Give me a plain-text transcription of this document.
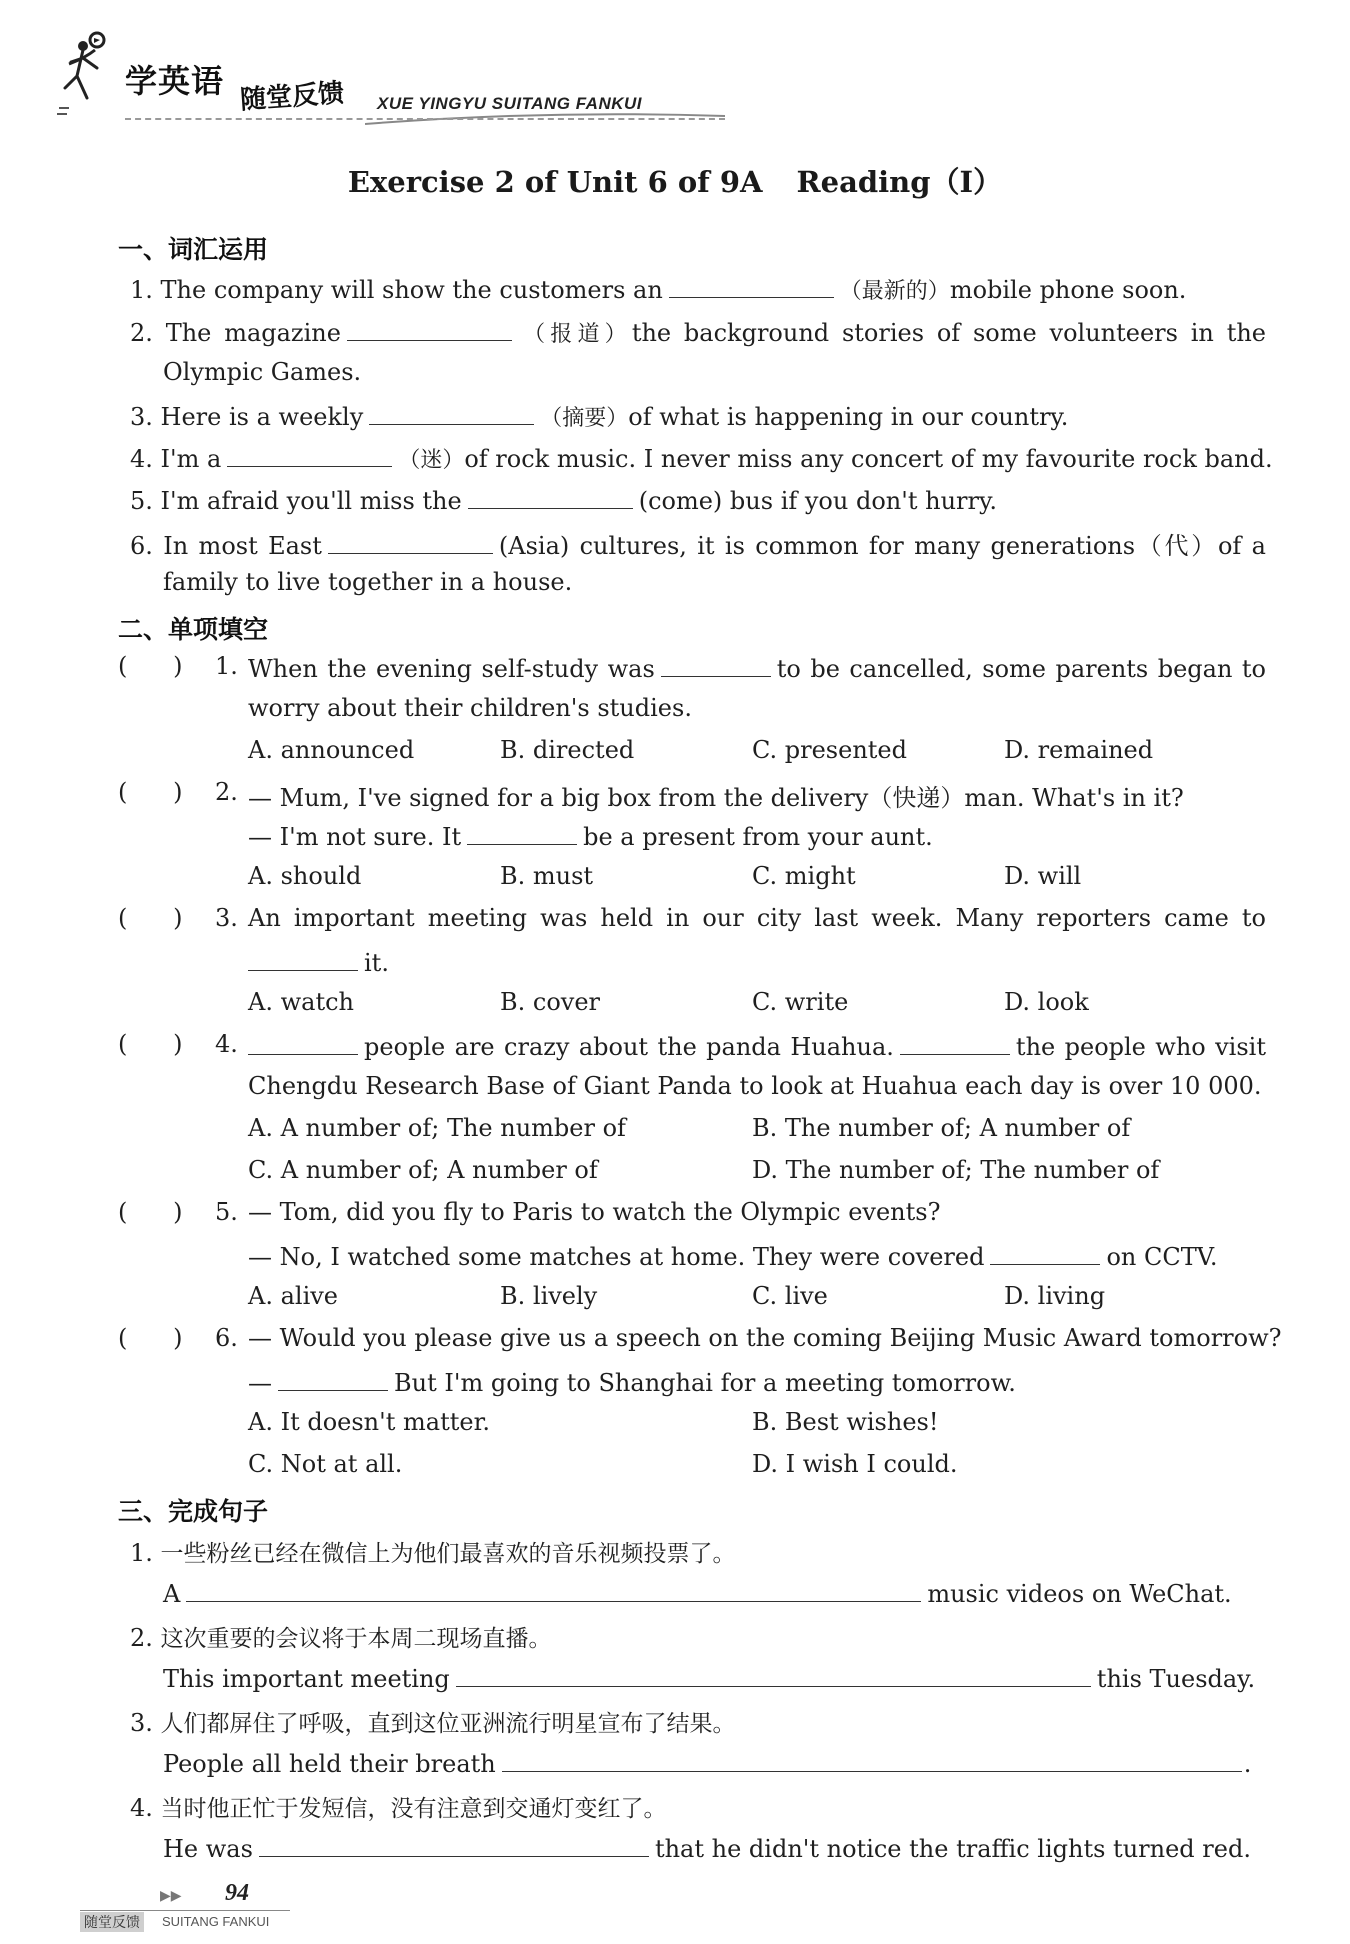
学英语 随堂反馈 XUE YINGYU SUITANG FANKUI
Exercise 2 of Unit 6 of 9A Reading（Ⅰ）
一、词汇运用
1. The company will show the customers an	（最新的）mobile phone soon.
2. The magazine	（报道）the background stories of some volunteers in the
Olympic Games.
3. Here is a weekly	（摘要）of what is happening in our country.
4. I'm a	（迷）of rock music. I never miss any concert of my favourite rock band.
5. I'm afraid you'll miss the	(come) bus if you don't hurry.
6. In most East	(Asia) cultures, it is common for many generations（代）of a
family to live together in a house.
二、单项填空
(      ) 1. When the evening self-study was	to be cancelled, some parents began to
worry about their children's studies.
A. announced	B. directed	C. presented	D. remained
(      ) 2. — Mum, I've signed for a big box from the delivery（快递）man. What's in it?
— I'm not sure. It	be a present from your aunt.
A. should	B. must	C. might	D. will
(      ) 3. An important meeting was held in our city last week. Many reporters came to
it.
A. watch	B. cover	C. write	D. look
(      ) 4.	people are crazy about the panda Huahua.	the people who visit
Chengdu Research Base of Giant Panda to look at Huahua each day is over 10 000.
A. A number of; The number of	B. The number of; A number of
C. A number of; A number of	D. The number of; The number of
(      ) 5. — Tom, did you fly to Paris to watch the Olympic events?
— No, I watched some matches at home. They were covered	on CCTV.
A. alive	B. lively	C. live	D. living
(      ) 6. — Would you please give us a speech on the coming Beijing Music Award tomorrow?
—	But I'm going to Shanghai for a meeting tomorrow.
A. It doesn't matter.	B. Best wishes!
C. Not at all.	D. I wish I could.
三、完成句子
1. 一些粉丝已经在微信上为他们最喜欢的音乐视频投票了。
A	music videos on WeChat.
2. 这次重要的会议将于本周二现场直播。
This important meeting	this Tuesday.
3. 人们都屏住了呼吸，直到这位亚洲流行明星宣布了结果。
People all held their breath	.
4. 当时他正忙于发短信，没有注意到交通灯变红了。
He was	that he didn't notice the traffic lights turned red.
▶▶ 94
随堂反馈	SUITANG FANKUI
